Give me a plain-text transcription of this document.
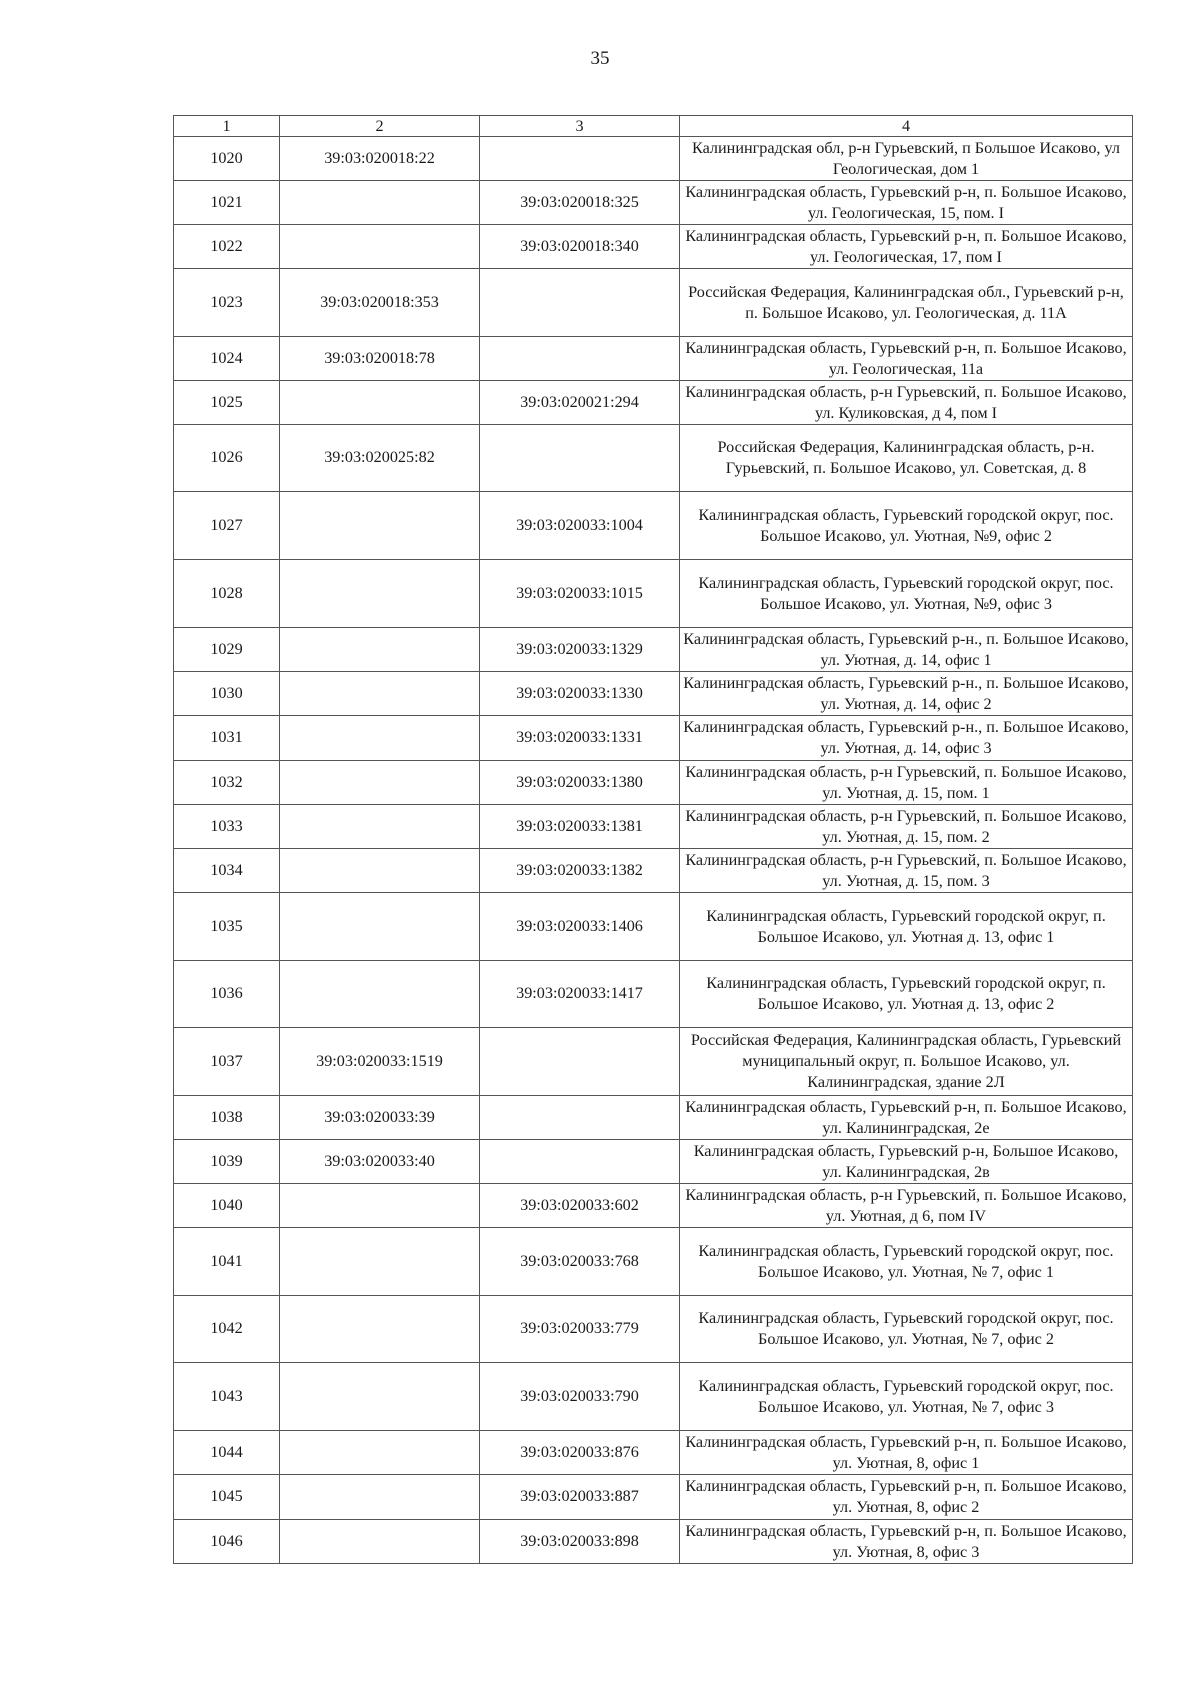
35
1	2	3	4
1020	39:03:020018:22		Калининградская обл, р-н Гурьевский, п Большое Исаково, ул Геологическая, дом 1
1021		39:03:020018:325	Калининградская область, Гурьевский р-н, п. Большое Исаково, ул. Геологическая, 15, пом. I
1022		39:03:020018:340	Калининградская область, Гурьевский р-н, п. Большое Исаково, ул. Геологическая, 17, пом I
1023	39:03:020018:353		Российская Федерация, Калининградская обл., Гурьевский р-н, п. Большое Исаково, ул. Геологическая, д. 11А
1024	39:03:020018:78		Калининградская область, Гурьевский р-н, п. Большое Исаково, ул. Геологическая, 11а
1025		39:03:020021:294	Калининградская область, р-н Гурьевский, п. Большое Исаково, ул. Куликовская, д 4, пом I
1026	39:03:020025:82		Российская Федерация, Калининградская область, р-н. Гурьевский, п. Большое Исаково, ул. Советская, д. 8
1027		39:03:020033:1004	Калининградская область, Гурьевский городской округ, пос. Большое Исаково, ул. Уютная, №9, офис 2
1028		39:03:020033:1015	Калининградская область, Гурьевский городской округ, пос. Большое Исаково, ул. Уютная, №9, офис 3
1029		39:03:020033:1329	Калининградская область, Гурьевский р-н., п. Большое Исаково, ул. Уютная, д. 14, офис 1
1030		39:03:020033:1330	Калининградская область, Гурьевский р-н., п. Большое Исаково, ул. Уютная, д. 14, офис 2
1031		39:03:020033:1331	Калининградская область, Гурьевский р-н., п. Большое Исаково, ул. Уютная, д. 14, офис 3
1032		39:03:020033:1380	Калининградская область, р-н Гурьевский, п. Большое Исаково, ул. Уютная, д. 15, пом. 1
1033		39:03:020033:1381	Калининградская область, р-н Гурьевский, п. Большое Исаково, ул. Уютная, д. 15, пом. 2
1034		39:03:020033:1382	Калининградская область, р-н Гурьевский, п. Большое Исаково, ул. Уютная, д. 15, пом. 3
1035		39:03:020033:1406	Калининградская область, Гурьевский городской округ, п. Большое Исаково, ул. Уютная д. 13, офис 1
1036		39:03:020033:1417	Калининградская область, Гурьевский городской округ, п. Большое Исаково, ул. Уютная д. 13, офис 2
1037	39:03:020033:1519		Российская Федерация, Калининградская область, Гурьевский муниципальный округ, п. Большое Исаково, ул. Калининградская, здание 2Л
1038	39:03:020033:39		Калининградская область, Гурьевский р-н, п. Большое Исаково, ул. Калининградская, 2е
1039	39:03:020033:40		Калининградская область, Гурьевский р-н, Большое Исаково, ул. Калининградская, 2в
1040		39:03:020033:602	Калининградская область, р-н Гурьевский, п. Большое Исаково, ул. Уютная, д 6, пом IV
1041		39:03:020033:768	Калининградская область, Гурьевский городской округ, пос. Большое Исаково, ул. Уютная, № 7, офис 1
1042		39:03:020033:779	Калининградская область, Гурьевский городской округ, пос. Большое Исаково, ул. Уютная, № 7, офис 2
1043		39:03:020033:790	Калининградская область, Гурьевский городской округ, пос. Большое Исаково, ул. Уютная, № 7, офис 3
1044		39:03:020033:876	Калининградская область, Гурьевский р-н, п. Большое Исаково, ул. Уютная, 8, офис 1
1045		39:03:020033:887	Калининградская область, Гурьевский р-н, п. Большое Исаково, ул. Уютная, 8, офис 2
1046		39:03:020033:898	Калининградская область, Гурьевский р-н, п. Большое Исаково, ул. Уютная, 8, офис 3
